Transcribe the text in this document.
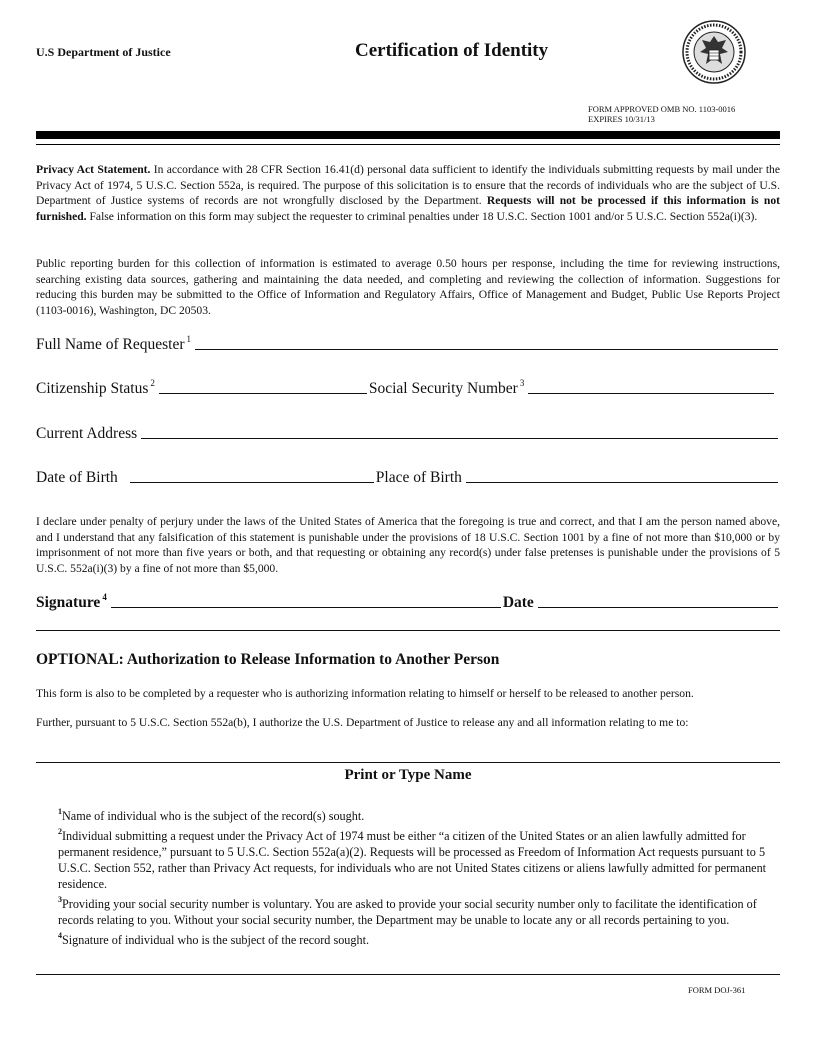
U.S Department of Justice	Certification of Identity
FORM APPROVED OMB NO. 1103-0016
EXPIRES 10/31/13
Privacy Act Statement. In accordance with 28 CFR Section 16.41(d) personal data sufficient to identify the individuals submitting requests by mail under the Privacy Act of 1974, 5 U.S.C. Section 552a, is required. The purpose of this solicitation is to ensure that the records of individuals who are the subject of U.S. Department of Justice systems of records are not wrongfully disclosed by the Department. Requests will not be processed if this information is not furnished. False information on this form may subject the requester to criminal penalties under 18 U.S.C. Section 1001 and/or 5 U.S.C. Section 552a(i)(3).
Public reporting burden for this collection of information is estimated to average 0.50 hours per response, including the time for reviewing instructions, searching existing data sources, gathering and maintaining the data needed, and completing and reviewing the collection of information. Suggestions for reducing this burden may be submitted to the Office of Information and Regulatory Affairs, Office of Management and Budget, Public Use Reports Project (1103-0016), Washington, DC 20503.
Full Name of Requester $^1$
Citizenship Status $^2$	Social Security Number $^3$
Current Address
Date of Birth	Place of Birth
I declare under penalty of perjury under the laws of the United States of America that the foregoing is true and correct, and that I am the person named above, and I understand that any falsification of this statement is punishable under the provisions of 18 U.S.C. Section 1001 by a fine of not more than $10,000 or by imprisonment of not more than five years or both, and that requesting or obtaining any record(s) under false pretenses is punishable under the provisions of 5 U.S.C. 552a(i)(3) by a fine of not more than $5,000.
Signature $^4$	Date
OPTIONAL: Authorization to Release Information to Another Person
This form is also to be completed by a requester who is authorizing information relating to himself or herself to be released to another person.
Further, pursuant to 5 U.S.C. Section 552a(b), I authorize the U.S. Department of Justice to release any and all information relating to me to:
Print or Type Name
$^1$Name of individual who is the subject of the record(s) sought.
$^2$Individual submitting a request under the Privacy Act of 1974 must be either “a citizen of the United States or an alien lawfully admitted for permanent residence,” pursuant to 5 U.S.C. Section 552a(a)(2). Requests will be processed as Freedom of Information Act requests pursuant to 5 U.S.C. Section 552, rather than Privacy Act requests, for individuals who are not United States citizens or aliens lawfully admitted for permanent residence.
$^3$Providing your social security number is voluntary. You are asked to provide your social security number only to facilitate the identification of records relating to you. Without your social security number, the Department may be unable to locate any or all records pertaining to you.
$^4$Signature of individual who is the subject of the record sought.
FORM DOJ-361
